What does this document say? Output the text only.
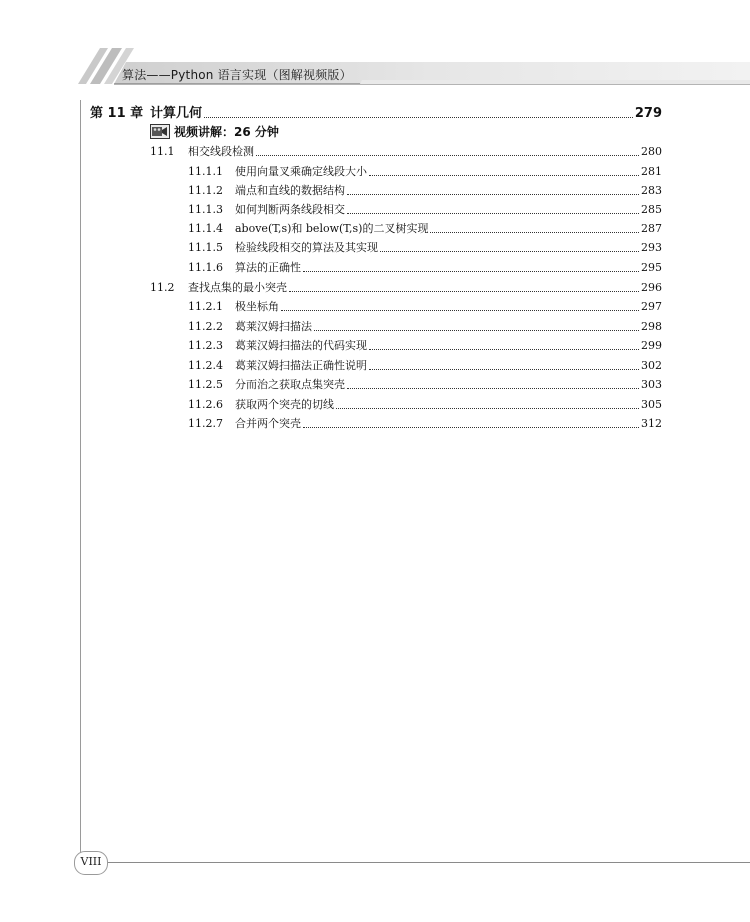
算法——Python 语言实现（图解视频版）
第 11 章 计算几何	279
视频讲解：26 分钟
11.1	相交线段检测	280
11.1.1	使用向量叉乘确定线段大小	281
11.1.2	端点和直线的数据结构	283
11.1.3	如何判断两条线段相交	285
11.1.4	above(T,s)和 below(T,s)的二叉树实现	287
11.1.5	检验线段相交的算法及其实现	293
11.1.6	算法的正确性	295
11.2	查找点集的最小突壳	296
11.2.1	极坐标角	297
11.2.2	葛莱汉姆扫描法	298
11.2.3	葛莱汉姆扫描法的代码实现	299
11.2.4	葛莱汉姆扫描法正确性说明	302
11.2.5	分而治之获取点集突壳	303
11.2.6	获取两个突壳的切线	305
11.2.7	合并两个突壳	312
VIII
